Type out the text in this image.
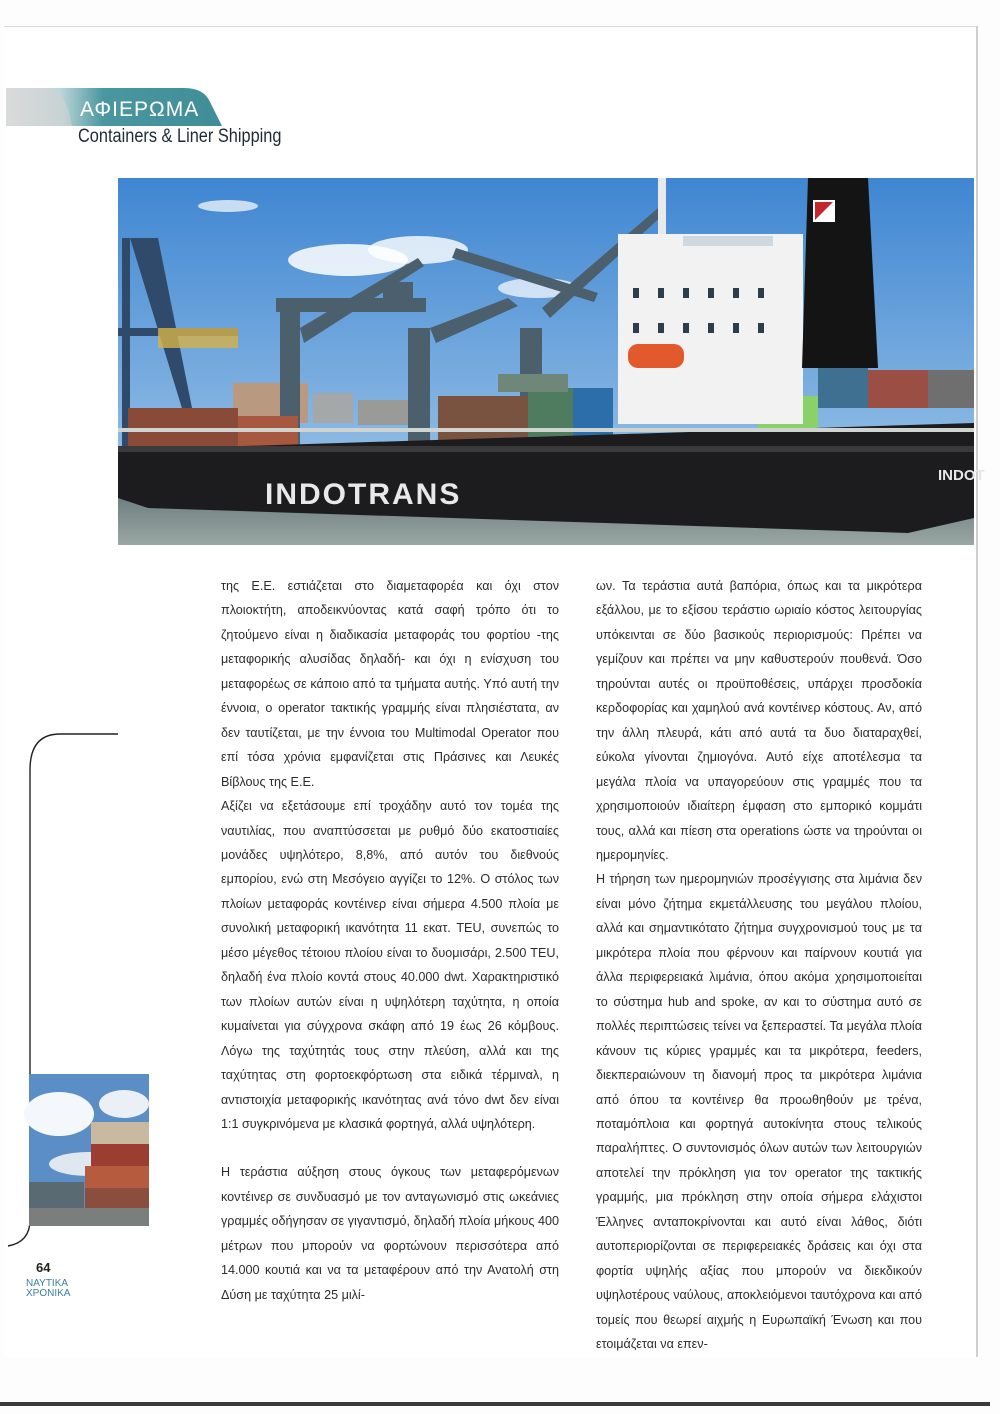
ΑΦΙΕΡΩΜΑ
Containers & Liner Shipping
INDOTRANS
INDOT

της Ε.Ε. εστιάζεται στο διαμεταφορέα και όχι στον πλοιοκτήτη, αποδεικνύοντας κατά σαφή τρόπο ότι το ζητούμενο είναι η διαδικασία μεταφοράς του φορτίου -της μεταφορικής αλυσίδας δηλαδή- και όχι η ενίσχυση του μεταφορέως σε κάποιο από τα τμήματα αυτής. Υπό αυτή την έννοια, ο operator τακτικής γραμμής είναι πλησιέστατα, αν δεν ταυτίζεται, με την έννοια του Multimodal Operator που επί τόσα χρόνια εμφανίζεται στις Πράσινες και Λευκές Βίβλους της Ε.Ε.

Αξίζει να εξετάσουμε επί τροχάδην αυτό τον τομέα της ναυτιλίας, που αναπτύσσεται με ρυθμό δύο εκατοστιαίες μονάδες υψηλότερο, 8,8%, από αυτόν του διεθνούς εμπορίου, ενώ στη Μεσόγειο αγγίζει το 12%. Ο στόλος των πλοίων μεταφοράς κοντέινερ είναι σήμερα 4.500 πλοία με συνολική μεταφορική ικανότητα 11 εκατ. TEU, συνεπώς το μέσο μέγεθος τέτοιου πλοίου είναι το δυομισάρι, 2.500 TEU, δηλαδή ένα πλοίο κοντά στους 40.000 dwt. Χαρακτηριστικό των πλοίων αυτών είναι η υψηλότερη ταχύτητα, η οποία κυμαίνεται για σύγχρονα σκάφη από 19 έως 26 κόμβους. Λόγω της ταχύτητάς τους στην πλεύση, αλλά και της ταχύτητας στη φορτοεκφόρτωση στα ειδικά τέρμιναλ, η αντιστοιχία μεταφορικής ικανότητας ανά τόνο dwt δεν είναι 1:1 συγκρινόμενα με κλασικά φορτηγά, αλλά υψηλότερη.

Η τεράστια αύξηση στους όγκους των μεταφερόμενων κοντέινερ σε συνδυασμό με τον ανταγωνισμό στις ωκεάνιες γραμμές οδήγησαν σε γιγαντισμό, δηλαδή πλοία μήκους 400 μέτρων που μπορούν να φορτώνουν περισσότερα από 14.000 κουτιά και να τα μεταφέρουν από την Ανατολή στη Δύση με ταχύτητα 25 μιλί-

ων. Τα τεράστια αυτά βαπόρια, όπως και τα μικρότερα εξάλλου, με το εξίσου τεράστιο ωριαίο κόστος λειτουργίας υπόκεινται σε δύο βασικούς περιορισμούς: Πρέπει να γεμίζουν και πρέπει να μην καθυστερούν πουθενά. Όσο τηρούνται αυτές οι προϋποθέσεις, υπάρχει προσδοκία κερδοφορίας και χαμηλού ανά κοντέινερ κόστους. Αν, από την άλλη πλευρά, κάτι από αυτά τα δυο διαταραχθεί, εύκολα γίνονται ζημιογόνα. Αυτό είχε αποτέλεσμα τα μεγάλα πλοία να υπαγορεύουν στις γραμμές που τα χρησιμοποιούν ιδιαίτερη έμφαση στο εμπορικό κομμάτι τους, αλλά και πίεση στα operations ώστε να τηρούνται οι ημερομηνίες.

Η τήρηση των ημερομηνιών προσέγγισης στα λιμάνια δεν είναι μόνο ζήτημα εκμετάλλευσης του μεγάλου πλοίου, αλλά και σημαντικότατο ζήτημα συγχρονισμού τους με τα μικρότερα πλοία που φέρνουν και παίρνουν κουτιά για άλλα περιφερειακά λιμάνια, όπου ακόμα χρησιμοποιείται το σύστημα hub and spoke, αν και το σύστημα αυτό σε πολλές περιπτώσεις τείνει να ξεπεραστεί. Τα μεγάλα πλοία κάνουν τις κύριες γραμμές και τα μικρότερα, feeders, διεκπεραιώνουν τη διανομή προς τα μικρότερα λιμάνια από όπου τα κοντέινερ θα προωθηθούν με τρένα, ποταμόπλοια και φορτηγά αυτοκίνητα στους τελικούς παραλήπτες. Ο συντονισμός όλων αυτών των λειτουργιών αποτελεί την πρόκληση για τον operator της τακτικής γραμμής, μια πρόκληση στην οποία σήμερα ελάχιστοι Έλληνες ανταποκρίνονται και αυτό είναι λάθος, διότι αυτοπεριορίζονται σε περιφερειακές δράσεις και όχι στα φορτία υψηλής αξίας που μπορούν να διεκδικούν υψηλοτέρους ναύλους, αποκλειόμενοι ταυτόχρονα και από τομείς που θεωρεί αιχμής η Ευρωπαϊκή Ένωση και που ετοιμάζεται να επεν-

64

ΝΑΥΤΙΚΑ
ΧΡΟΝΙΚΑ
